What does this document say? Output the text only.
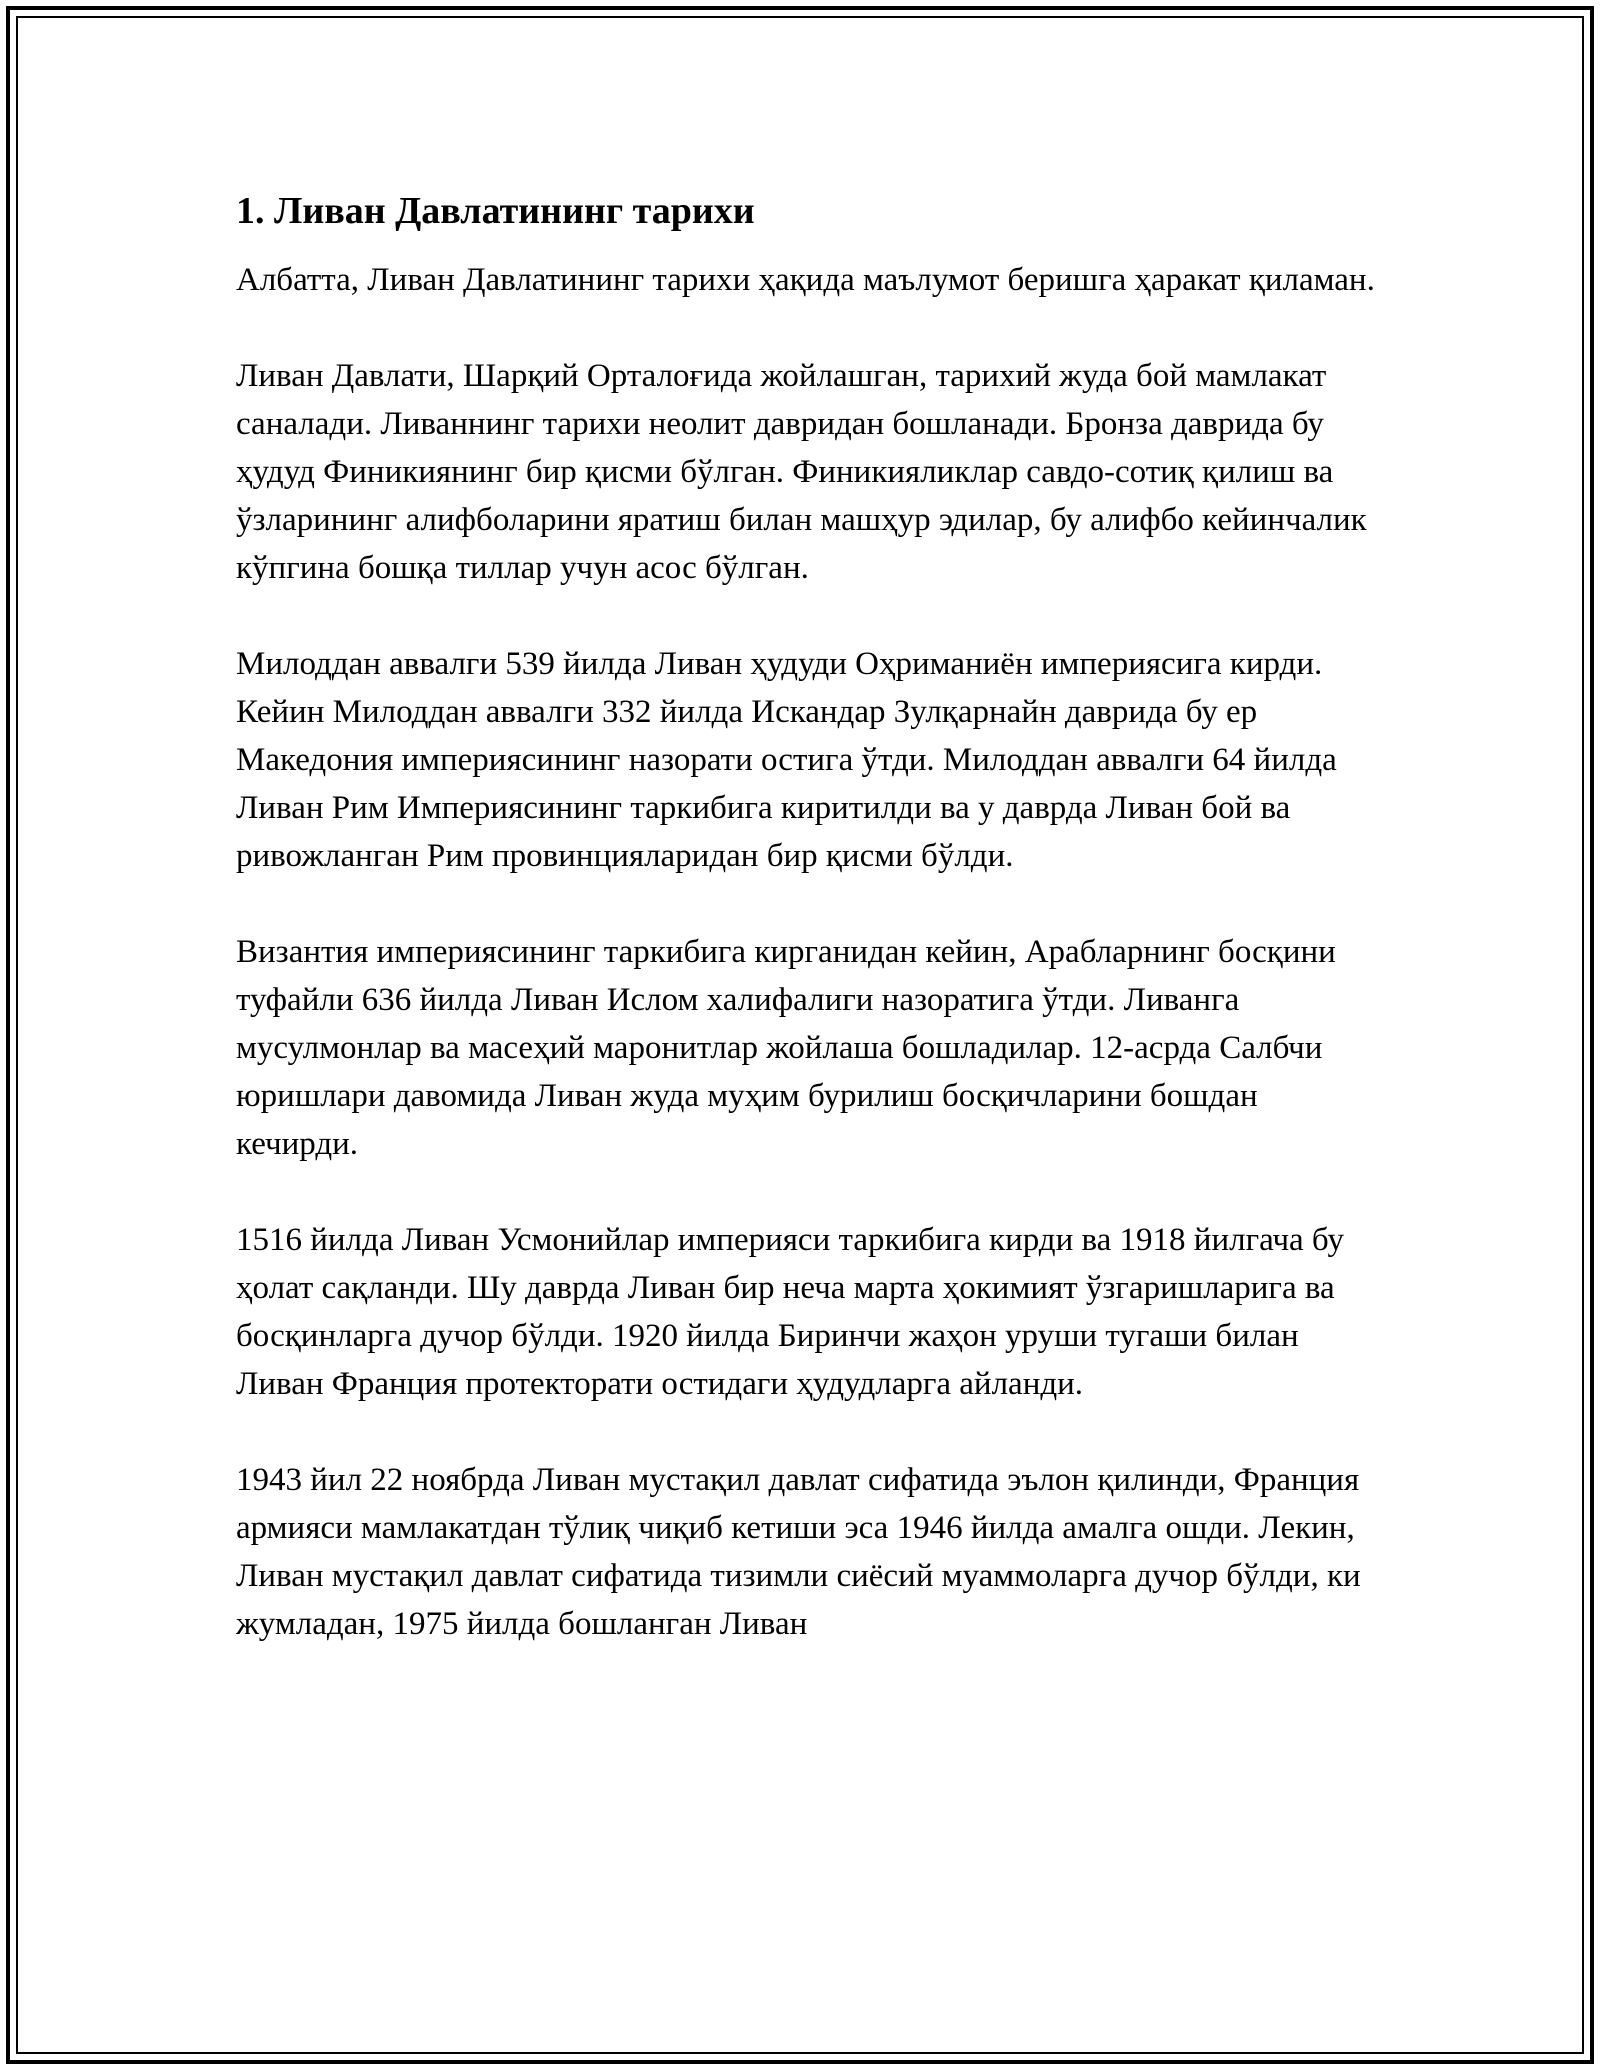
1. Ливан Давлатининг тарихи

Албатта, Ливан Давлатининг тарихи ҳақида маълумот беришга ҳаракат қиламан.

Ливан Давлати, Шарқий Орталоғида жойлашган, тарихий жуда бой мамлакат саналади. Ливаннинг тарихи неолит давридан бошланади. Бронза даврида бу ҳудуд Финикиянинг бир қисми бўлган. Финикияликлар савдо-сотиқ қилиш ва ўзларининг алифболарини яратиш билан машҳур эдилар, бу алифбо кейинчалик кўпгина бошқа тиллар учун асос бўлган.

Милоддан аввалги 539 йилда Ливан ҳудуди Оҳриманиён империясига кирди. Кейин Милоддан аввалги 332 йилда Искандар Зулқарнайн даврида бу ер Македония империясининг назорати остига ўтди. Милоддан аввалги 64 йилда Ливан Рим Империясининг таркибига киритилди ва у даврда Ливан бой ва ривожланган Рим провинцияларидан бир қисми бўлди.

Византия империясининг таркибига кирганидан кейин, Арабларнинг босқини туфайли 636 йилда Ливан Ислом халифалиги назоратига ўтди. Ливанга мусулмонлар ва масеҳий маронитлар жойлаша бошладилар. 12-асрда Салбчи юришлари давомида Ливан жуда муҳим бурилиш босқичларини бошдан кечирди.

1516 йилда Ливан Усмонийлар империяси таркибига кирди ва 1918 йилгача бу ҳолат сақланди. Шу даврда Ливан бир неча марта ҳокимият ўзгаришларига ва босқинларга дучор бўлди. 1920 йилда Биринчи жаҳон уруши тугаши билан Ливан Франция протекторати остидаги ҳудудларга айланди.

1943 йил 22 ноябрда Ливан мустақил давлат сифатида эълон қилинди, Франция армияси мамлакатдан тўлиқ чиқиб кетиши эса 1946 йилда амалга ошди. Лекин, Ливан мустақил давлат сифатида тизимли сиёсий муаммоларга дучор бўлди, ки жумладан, 1975 йилда бошланган Ливан
